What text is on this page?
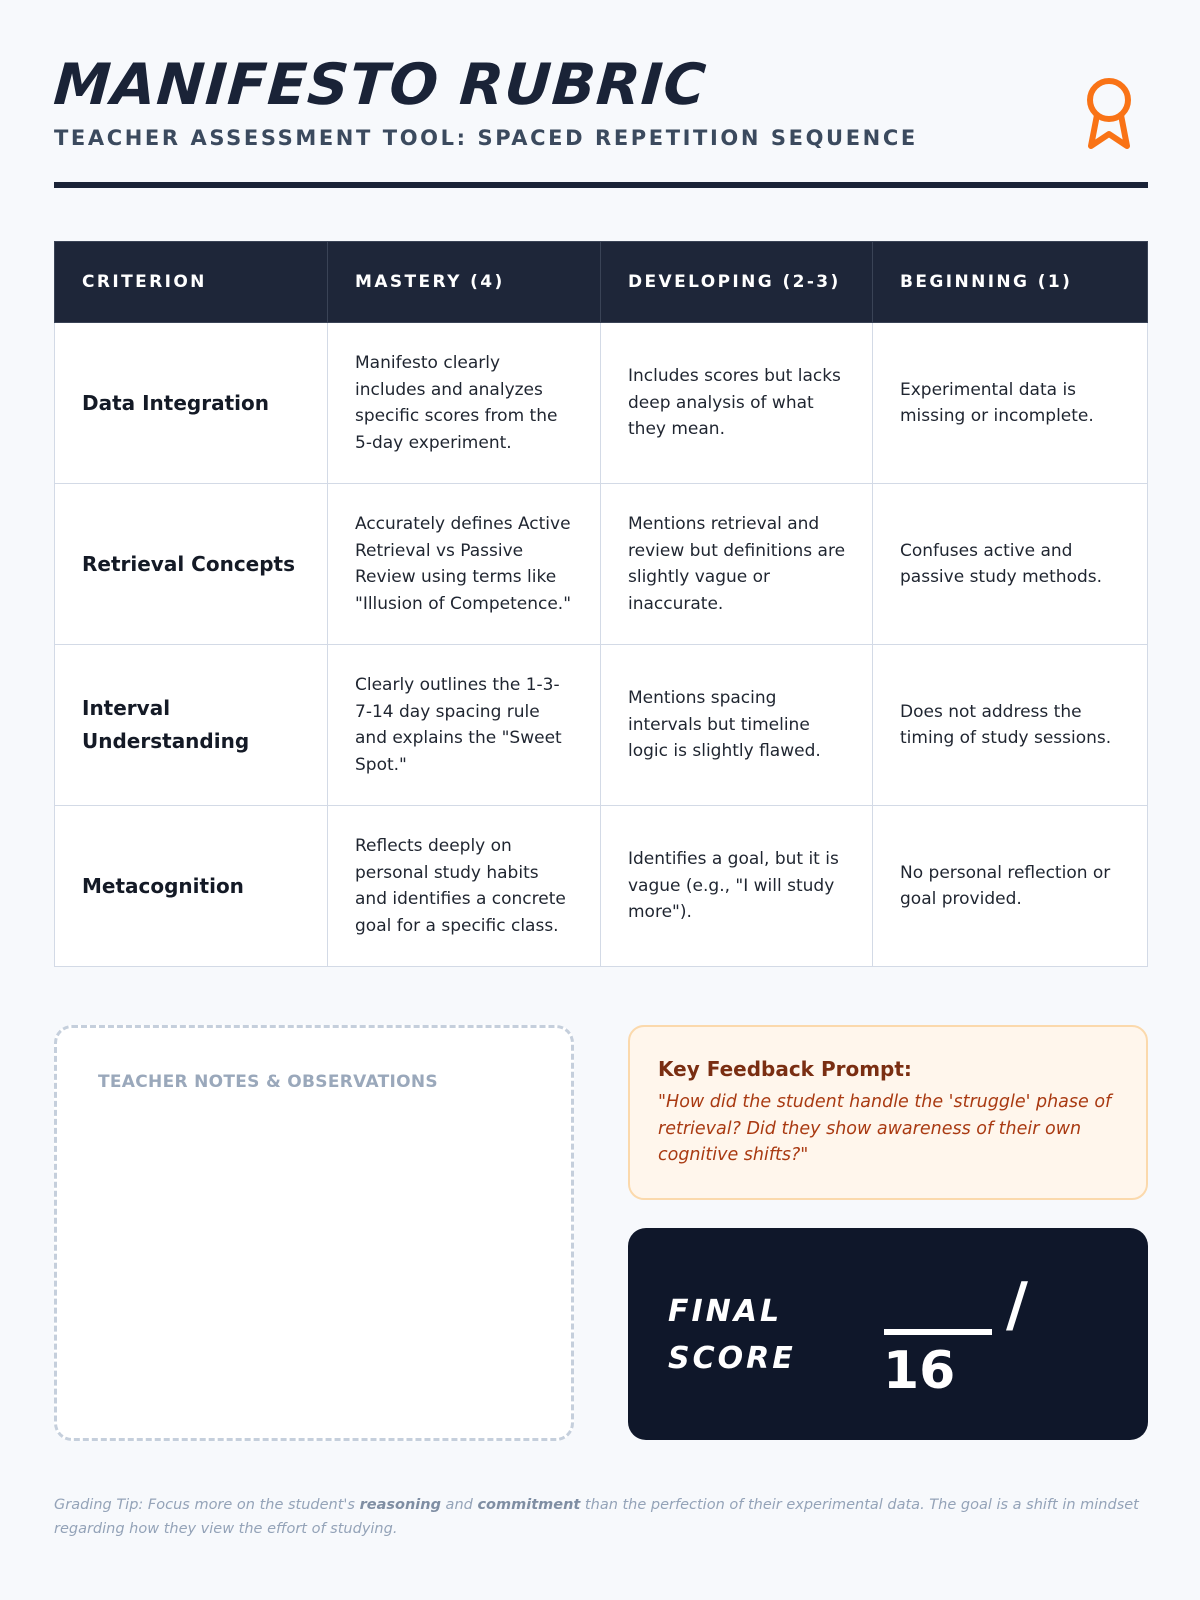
MANIFESTO RUBRIC
TEACHER ASSESSMENT TOOL: SPACED REPETITION SEQUENCE
CRITERION	MASTERY (4)	DEVELOPING (2-3)	BEGINNING (1)
Data Integration	Manifesto clearly includes and analyzes specific scores from the 5-day experiment.	Includes scores but lacks deep analysis of what they mean.	Experimental data is missing or incomplete.
Retrieval Concepts	Accurately defines Active Retrieval vs Passive Review using terms like "Illusion of Competence."	Mentions retrieval and review but definitions are slightly vague or inaccurate.	Confuses active and passive study methods.
Interval Understanding	Clearly outlines the 1-3-7-14 day spacing rule and explains the "Sweet Spot."	Mentions spacing intervals but timeline logic is slightly flawed.	Does not address the timing of study sessions.
Metacognition	Reflects deeply on personal study habits and identifies a concrete goal for a specific class.	Identifies a goal, but it is vague (e.g., "I will study more").	No personal reflection or goal provided.
TEACHER NOTES & OBSERVATIONS
Key Feedback Prompt:
"How did the student handle the 'struggle' phase of retrieval? Did they show awareness of their own cognitive shifts?"
FINAL
SCORE
/
16
Grading Tip: Focus more on the student's reasoning and commitment than the perfection of their experimental data. The goal is a shift in mindset regarding how they view the effort of studying.
